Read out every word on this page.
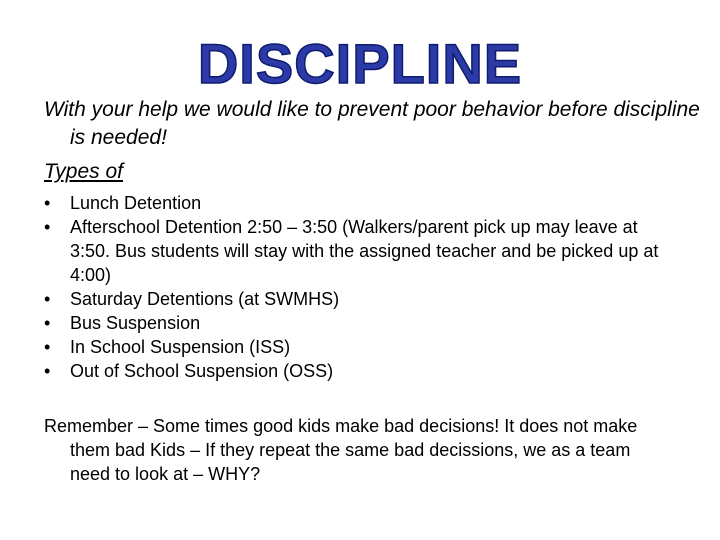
DISCIPLINE

With your help we would like to prevent poor behavior before discipline is needed!

Types of
•	Lunch Detention
•	Afterschool Detention 2:50 – 3:50 (Walkers/parent pick up may leave at 3:50. Bus students will stay with the assigned teacher and be picked up at 4:00)
•	Saturday Detentions (at SWMHS)
•	Bus Suspension
•	In School Suspension (ISS)
•	Out of School Suspension (OSS)

Remember – Some times good kids make bad decisions! It does not make them bad Kids – If they repeat the same bad decissions, we as a team need to look at – WHY?
